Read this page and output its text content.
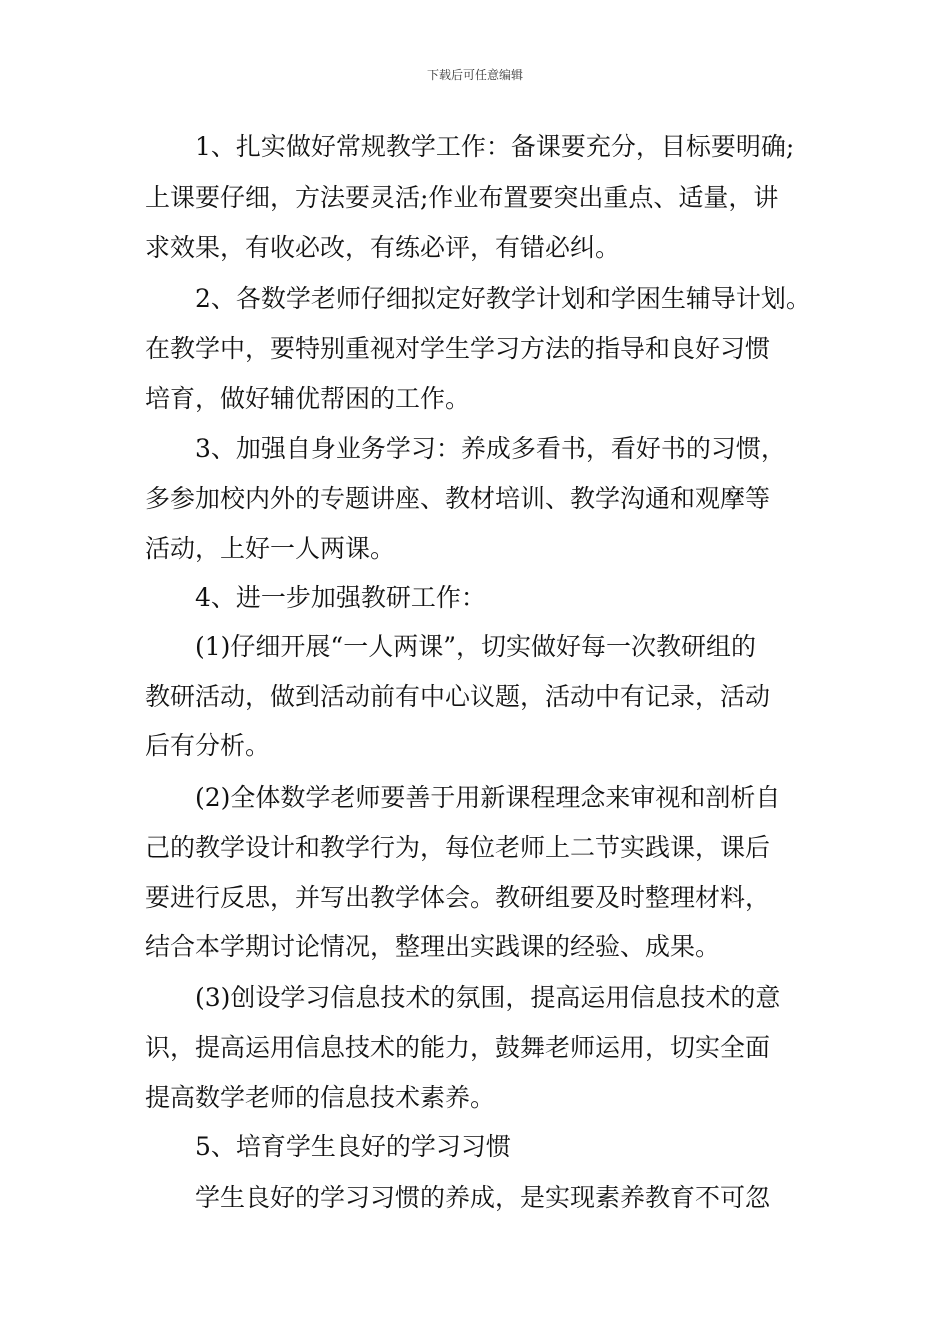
下载后可任意编辑
　　1、扎实做好常规教学工作：备课要充分，目标要明确;
上课要仔细，方法要灵活;作业布置要突出重点、适量，讲
求效果，有收必改，有练必评，有错必纠。
　　2、各数学老师仔细拟定好教学计划和学困生辅导计划。
在教学中，要特别重视对学生学习方法的指导和良好习惯
培育，做好辅优帮困的工作。
　　3、加强自身业务学习：养成多看书，看好书的习惯，
多参加校内外的专题讲座、教材培训、教学沟通和观摩等
活动，上好一人两课。
　　4、进一步加强教研工作：
　　(1)仔细开展“一人两课”，切实做好每一次教研组的
教研活动，做到活动前有中心议题，活动中有记录，活动
后有分析。
　　(2)全体数学老师要善于用新课程理念来审视和剖析自
己的教学设计和教学行为，每位老师上二节实践课，课后
要进行反思，并写出教学体会。教研组要及时整理材料，
结合本学期讨论情况，整理出实践课的经验、成果。
　　(3)创设学习信息技术的氛围，提高运用信息技术的意
识，提高运用信息技术的能力，鼓舞老师运用，切实全面
提高数学老师的信息技术素养。
　　5、培育学生良好的学习习惯
　　学生良好的学习习惯的养成，是实现素养教育不可忽
